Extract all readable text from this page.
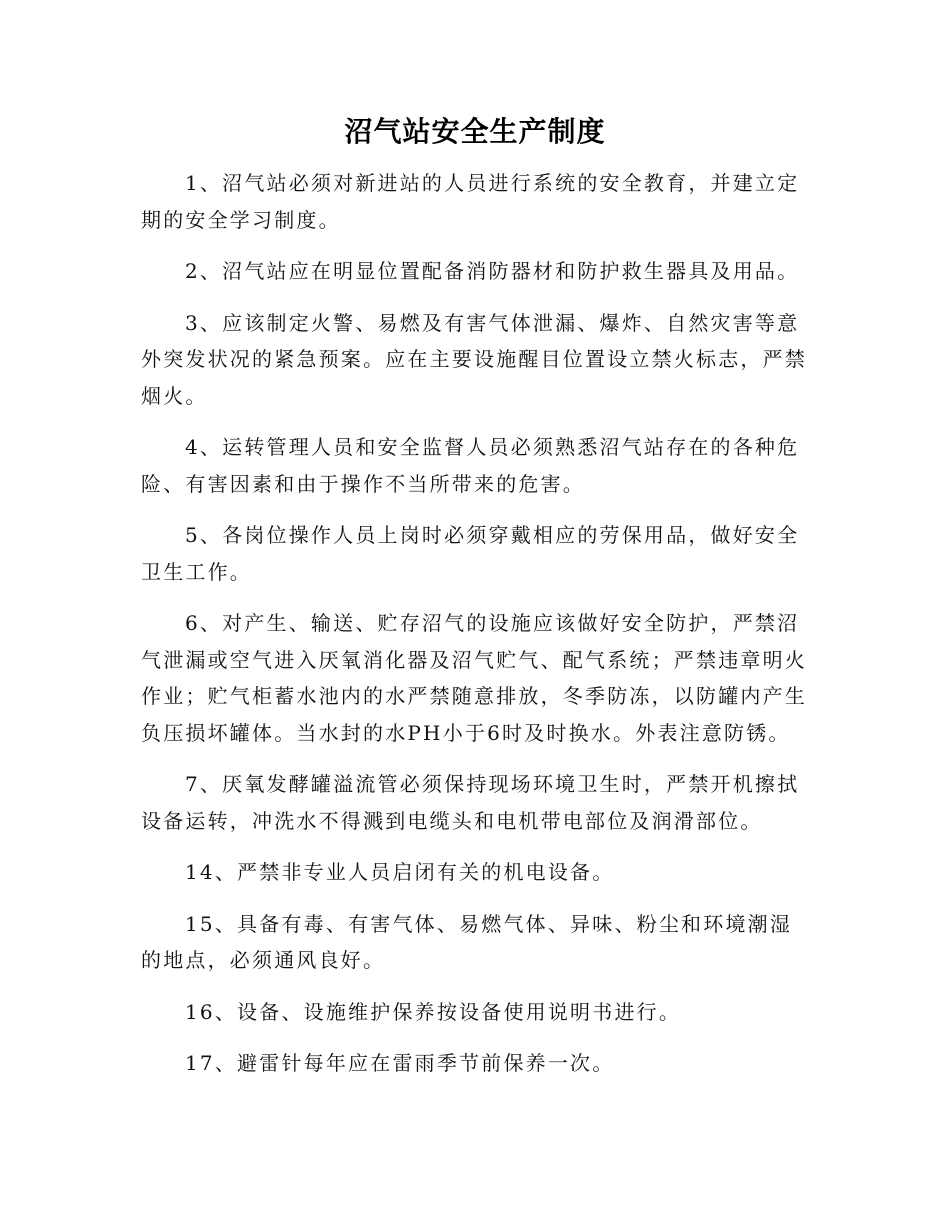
沼气站安全生产制度

1、沼气站必须对新进站的人员进行系统的安全教育，并建立定期的安全学习制度。

2、沼气站应在明显位置配备消防器材和防护救生器具及用品。

3、应该制定火警、易燃及有害气体泄漏、爆炸、自然灾害等意外突发状况的紧急预案。应在主要设施醒目位置设立禁火标志，严禁烟火。

4、运转管理人员和安全监督人员必须熟悉沼气站存在的各种危险、有害因素和由于操作不当所带来的危害。

5、各岗位操作人员上岗时必须穿戴相应的劳保用品，做好安全卫生工作。

6、对产生、输送、贮存沼气的设施应该做好安全防护，严禁沼气泄漏或空气进入厌氧消化器及沼气贮气、配气系统；严禁违章明火作业；贮气柜蓄水池内的水严禁随意排放，冬季防冻，以防罐内产生负压损坏罐体。当水封的水PH小于6时及时换水。外表注意防锈。

7、厌氧发酵罐溢流管必须保持现场环境卫生时，严禁开机擦拭设备运转，冲洗水不得溅到电缆头和电机带电部位及润滑部位。

14、严禁非专业人员启闭有关的机电设备。

15、具备有毒、有害气体、易燃气体、异味、粉尘和环境潮湿的地点，必须通风良好。

16、设备、设施维护保养按设备使用说明书进行。

17、避雷针每年应在雷雨季节前保养一次。
